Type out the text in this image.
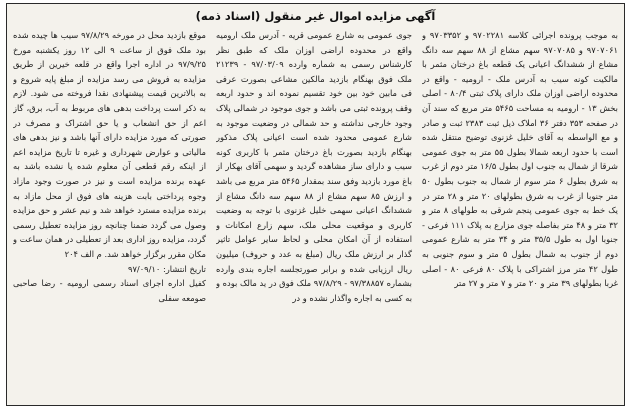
آگهی مزایده اموال غیر منقول (اسناد ذمه)

به موجب پرونده اجرائی کلاسه ۹۷۰۲۲۸۱ و ۹۷۰۳۳۵۲ و ۹۷۰۷۰۶۱ و ۹۷۰۷۰۸۵ سهم مشاع از ۸۸ سهم سه دانگ مشاع از ششدانگ اعیانی یک قطعه باغ درختان مثمر با مالکیت کونه سیب به آدرس ملک - ارومیه - واقع در محدوده اراضی اوزان ملک دارای پلاک ثبتی ۸۰/۴ - اصلی بخش ۱۳ - ارومیه به مساحت ۵۴۶۵ متر مربع که سند آن در صفحه ۳۵۳ دفتر ۳۶ املاک ذیل ثبت ۲۳۸۳ ثبت و صادر و مع الواسطه به آقای خلیل غزنوی توضیح منتقل شده است با حدود اربعه شمالا بطول ۵۵ متر به جوی عمومی شرقا از شمال به جنوب اول بطول ۱۶/۵ متر دوم از غرب به شرق بطول ۶ متر سوم از شمال به جنوب بطول ۵۰ متر جنوبا از غرب به شرق بطولهای ۲۰ متر و ۲۸ متر در یک خط به جوی عمومی پنجم شرقی به طولهای ۸ متر و ۳۲ متر و ۴۸ متر بفاصله جوی مزارع به پلاک ۱۱۱ فرعی - جنوبا اول به طول ۳۵/۵ متر و ۳۴ متر به شارع عمومی دوم از جنوب به شمال بطول ۵ متر و سوم جنوبی به طول ۴۲ متر مرز اشتراکی با پلاک ۸۰ فرعی ۸۰ - اصلی غربا بطولهای ۳۹ متر و ۲۰ متر و ۷ متر و ۲۷ متر

جوی عمومی به شارع عمومی قریه - آدرس ملک ارومیه واقع در محدوده اراضی اوزان ملک که طبق نظر کارشناس رسمی به شماره وارده ۹۷/۰۳/۰۹ - ۲۱۲۳۹ ملک فوق بهنگام بازدید مالکین مشاعی بصورت عرفی فی مابین خود بین خود تقسیم نموده اند و حدود اربعه وقف پرونده ثبتی می باشد و جوی موجود در شمالی پلاک وجود خارجی نداشته و حد شمالی در وضعیت موجود به شارع عمومی محدود شده است اعیانی پلاک مذکور بهنگام بازدید بصورت باغ درختان مثمر با کاربری کونه سیب و دارای ساز مشاهده گردید و سهمی آقای بهکار از باغ مورد بازدید وفق سند بمقدار ۵۴۶۵ متر مربع می باشد و ارزش ۸۵ سهم مشاع از ۸۸ سهم سه دانگ مشاع از ششدانگ اعیانی سهمی خلیل غزنوی با توجه به وضعیت کاربری و موقعیت محلی ملک، سهم زارع امکانات و استفاده از آن امکان محلی و لحاظ سایر عوامل تاثیر گذار بر ارزش ملک ریال (مبلغ به عدد و حروف) میلیون ریال ارزیابی شده و برابر صورتجلسه اجاره بندی وارده بشماره ۹۷/۳۸۸۵۷ - ۹۷/۸/۲۹ ملک فوق در ید مالک بوده و به کسی به اجاره واگذار نشده و در

موقع بازدید محل در مورخه ۹۷/۸/۲۹ سیب ها چیده شده بود ملک فوق از ساعت ۹ الی ۱۲ روز یکشنبه مورخ ۹۷/۹/۲۵ در اداره اجرا واقع در قلعه خیرین از طریق مزایده به فروش می رسد مزایده از مبلغ پایه شروع و به بالاترین قیمت پیشنهادی نقدا فروخته می شود. لازم به ذکر است پرداخت بدهی های مربوط به آب، برق، گاز اعم از حق انشعاب و یا حق اشتراک و مصرف در صورتی که مورد مزایده دارای آنها باشد و نیز بدهی های مالیاتی و عوارض شهرداری و غیره تا تاریخ مزایده اعم از اینکه رقم قطعی آن معلوم شده یا نشده باشد به عهده برنده مزایده است و نیز در صورت وجود مازاد وجوه پرداختی بابت هزینه های فوق از محل مازاد به برنده مزایده مسترد خواهد شد و نیم عشر و حق مزایده وصول می گردد ضمنا چنانچه روز مزایده تعطیل رسمی گردد، مزایده روز اداری بعد از تعطیلی در همان ساعت و مکان مقرر برگزار خواهد شد. م الف ۲۰۴

تاریخ انتشار: ۹۷/۰۹/۱۰

کفیل اداره اجرای اسناد رسمی ارومیه - رضا صاحبی صومعه سفلی
